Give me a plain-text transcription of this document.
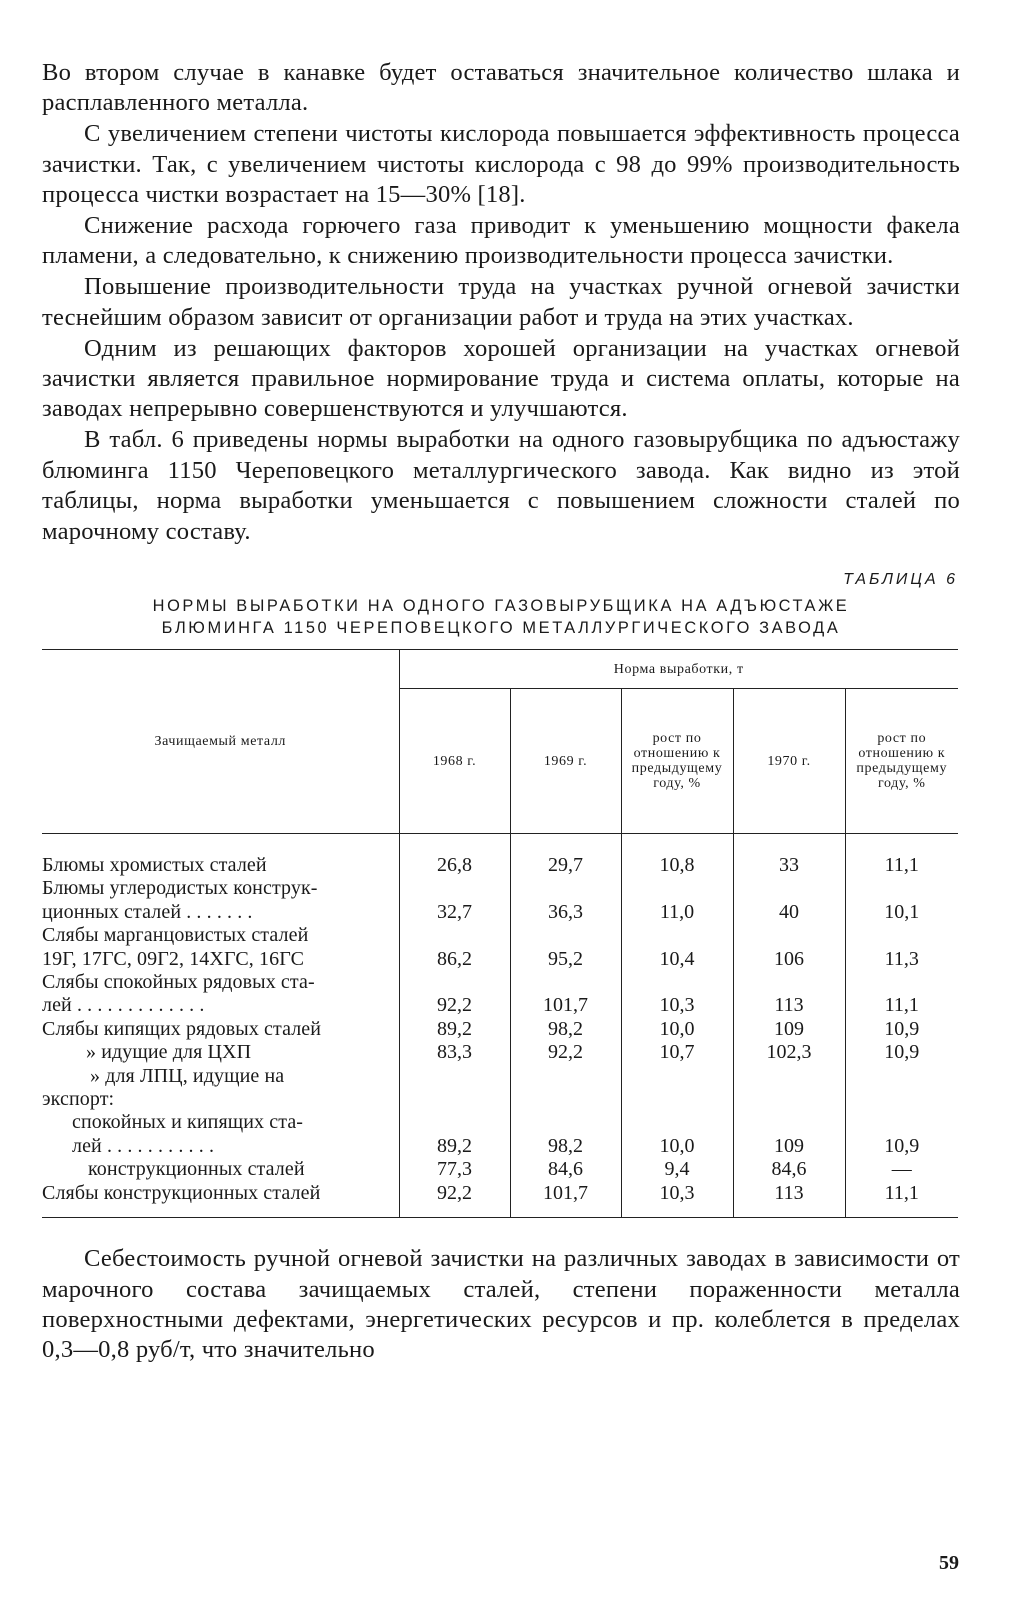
Во втором случае в канавке будет оставаться значительное количество шлака и расплавленного металла.

С увеличением степени чистоты кислорода повышается эффективность процесса зачистки. Так, с увеличением чистоты кислорода с 98 до 99% производительность процесса чистки возрастает на 15—30% [18].

Снижение расхода горючего газа приводит к уменьшению мощности факела пламени, а следовательно, к снижению производительности процесса зачистки.

Повышение производительности труда на участках ручной огневой зачистки теснейшим образом зависит от организации работ и труда на этих участках.

Одним из решающих факторов хорошей организации на участках огневой зачистки является правильное нормирование труда и система оплаты, которые на заводах непрерывно совершенствуются и улучшаются.

В табл. 6 приведены нормы выработки на одного газовырубщика по адъюстажу блюминга 1150 Череповецкого металлургического завода. Как видно из этой таблицы, норма выработки уменьшается с повышением сложности сталей по марочному составу.

ТАБЛИЦА 6
НОРМЫ ВЫРАБОТКИ НА ОДНОГО ГАЗОВЫРУБЩИКА НА АДЪЮСТАЖЕ
БЛЮМИНГА 1150 ЧЕРЕПОВЕЦКОГО МЕТАЛЛУРГИЧЕСКОГО ЗАВОДА
Зачищаемый металл	Норма выработки, т				
	1968 г.	1969 г.	рост по отношению к предыдущему году, %	1970 г.	рост по отношению к предыдущему году, %

Блюмы хромистых сталей	26,8	29,7	10,8	33	11,1
Блюмы углеродистых конструк-					
ционных сталей . . . . . . .	32,7	36,3	11,0	40	10,1
Слябы марганцовистых сталей					
19Г, 17ГС, 09Г2, 14ХГС, 16ГС	86,2	95,2	10,4	106	11,3
Слябы спокойных рядовых ста-					
лей . . . . . . . . . . . . .	92,2	101,7	10,3	113	11,1
Слябы кипящих рядовых сталей	89,2	98,2	10,0	109	10,9
» идущие для ЦХП	83,3	92,2	10,7	102,3	10,9
» для ЛПЦ, идущие на					
экспорт:					
спокойных и кипящих ста-					
лей . . . . . . . . . . .	89,2	98,2	10,0	109	10,9
конструкционных сталей	77,3	84,6	9,4	84,6	—
Слябы конструкционных сталей	92,2	101,7	10,3	113	11,1

Себестоимость ручной огневой зачистки на различных заводах в зависимости от марочного состава зачищаемых сталей, степени пораженности металла поверхностными дефектами, энергетических ресурсов и пр. колеблется в пределах 0,3—0,8 руб/т, что значительно

59
